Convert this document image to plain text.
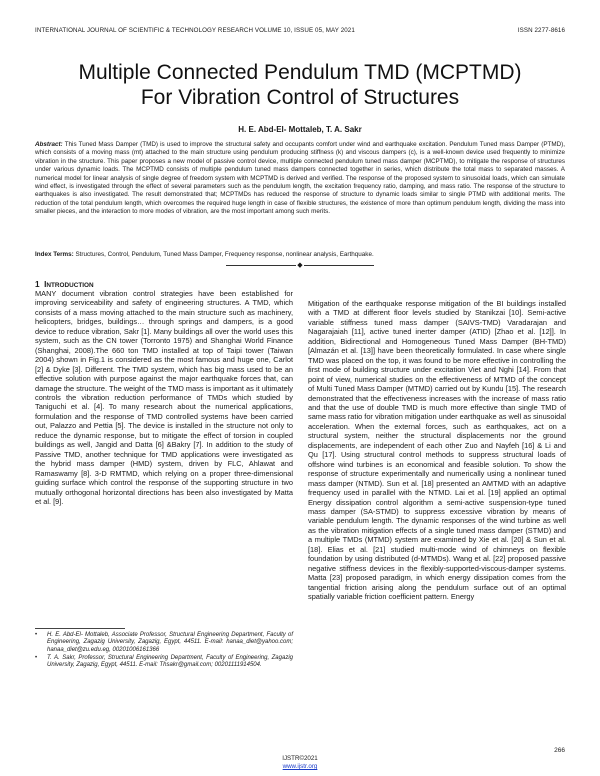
INTERNATIONAL JOURNAL OF SCIENTIFIC & TECHNOLOGY RESEARCH VOLUME 10, ISSUE 05, MAY 2021	ISSN 2277-8616
Multiple Connected Pendulum TMD (MCPTMD)
For Vibration Control of Structures
H. E. Abd-El- Mottaleb, T. A. Sakr
Abstract: This Tuned Mass Damper (TMD) is used to improve the structural safety and occupants comfort under wind and earthquake excitation. Pendulum Tuned mass Damper (PTMD), which consists of a moving mass (mt) attached to the main structure using pendulum producing stiffness (k) and viscous dampers (c), is a well-known device used frequently to minimize vibration in the structure. This paper proposes a new model of passive control device, multiple connected pendulum tuned mass damper (MCPTMD), to mitigate the response of structures under various dynamic loads. The MCPTMD consists of multiple pendulum tuned mass dampers connected together in series, which distribute the total mass to separated masses. A numerical model for linear analysis of single degree of freedom system with MCPTMD is derived and verified. The response of the proposed system to sinusoidal loads, which can simulate wind effect, is investigated through the effect of several parameters such as the pendulum length, the excitation frequency ratio, damping, and mass ratio. The response of the structure to earthquakes is also investigated. The result demonstrated that; MCPTMDs has reduced the response of structure to dynamic loads similar to single PTMD with additional merits. The reduction of the total pendulum length, which overcomes the required huge length in case of flexible structures, the existence of more than optimum pendulum length, dividing the mass into smaller pieces, and the interaction to more modes of vibration, are the most important among such merits.
Index Terms: Structures, Control, Pendulum, Tuned Mass Damper, Frequency response, nonlinear analysis, Earthquake.
◆
1 INTRODUCTION
MANY document vibration control strategies have been established for improving serviceability and safety of engineering structures. A TMD, which consists of a mass moving attached to the main structure such as machinery, helicopters, bridges, buildings… through springs and dampers, is a good device to reduce vibration, Sakr [1]. Many buildings all over the world uses this system, such as the CN tower (Torronto 1975) and Shanghai World Finance (Shanghai, 2008).The 660 ton TMD installed at top of Taipi tower (Taiwan 2004) shown in Fig.1 is considered as the most famous and huge one, Carlot [2] & Dyke [3]. Different. The TMD system, which has big mass used to be an effective solution with purpose against the major earthquake forces that, can damage the structure. The weight of the TMD mass is important as it ultimately controls the vibration reduction performance of TMDs which studied by Taniguchi et al. [4]. To many research about the numerical applications, formulation and the response of TMD controlled systems have been carried out, Palazzo and Pettia [5]. The device is installed in the structure not only to reduce the dynamic response, but to mitigate the effect of torsion in coupled buildings as well, Jangid and Datta [6] &Bakry [7]. In addition to the study of Passive TMD, another technique for TMD applications were investigated as the hybrid mass damper (HMD) system, driven by FLC, Ahlawat and Ramaswamy [8]. 3-D RMTMD, which relying on a proper three-dimensional guiding surface which control the response of the supporting structure in two mutually orthogonal horizontal directions has been also investigated by Matta et al. [9].
Mitigation of the earthquake response mitigation of the BI buildings installed with a TMD at different floor levels studied by Stanikzai [10]. Semi-active variable stiffness tuned mass damper (SAIVS-TMD) Varadarajan and Nagarajaiah [11], active tuned inerter damper (ATID) [Zhao et al. [12]]. In addition, Bidirectional and Homogeneous Tuned Mass Damper (BH-TMD) [Almazán et al. [13]] have been theoretically formulated. In case where single TMD was placed on the top, it was found to be more effective in controlling the first mode of building structure under excitation Viet and Nghi [14]. From that point of view, numerical studies on the effectiveness of MTMD of the concept of Multi Tuned Mass Damper (MTMD) carried out by Kundu [15]. The research demonstrated that the effectiveness increases with the increase of mass ratio and that the use of double TMD is much more effective than single TMD of same mass ratio for vibration mitigation under earthquake as well as sinusoidal acceleration. When the external forces, such as earthquakes, act on a structural system, neither the structural displacements nor the ground displacements, are independent of each other Zuo and Nayfeh [16] & Li and Qu [17]. Using structural control methods to suppress structural loads of offshore wind turbines is an economical and feasible solution. To show the response of structure experimentally and numerically using a nonlinear tuned mass damper (NTMD). Sun et al. [18] presented an AMTMD with an adaptive frequency used in parallel with the NTMD. Lai et al. [19] applied an optimal Energy dissipation control algorithm a semi-active suspension-type tuned mass damper (SA-STMD) to suppress excessive vibration by means of variable pendulum length. The dynamic responses of the wind turbine as well as the vibration mitigation effects of a single tuned mass damper (STMD) and a multiple TMDs (MTMD) system are examined by Xie et al. [20] & Sun et al. [18]. Elias et al. [21] studied multi-mode wind of chimneys on flexible foundation by using distributed (d-MTMDs). Wang et al. [22] proposed passive negative stiffness devices in the flexibly-supported-viscous-damper systems. Matta [23] proposed paradigm, in which energy dissipation comes from the tangential friction arising along the pendulum surface out of an optimal spatially variable friction coefficient pattern. Energy
•	H. E. Abd-El- Mottaleb, Associate Professor, Structural Engineering Department, Faculty of Engineering, Zagazig University, Zagazig, Egypt, 44511. E-mail: hanaa_diet@yahoo.com; hanaa_diet@zu.edu.eg, 00201006161366
•	T. A. Sakr, Professor, Structural Engineering Department, Faculty of Engineering, Zagazig University, Zagazig, Egypt, 44511. E-mail: Thsakr@gmail.com; 00201111914504.
266
IJSTR©2021
www.ijstr.org
